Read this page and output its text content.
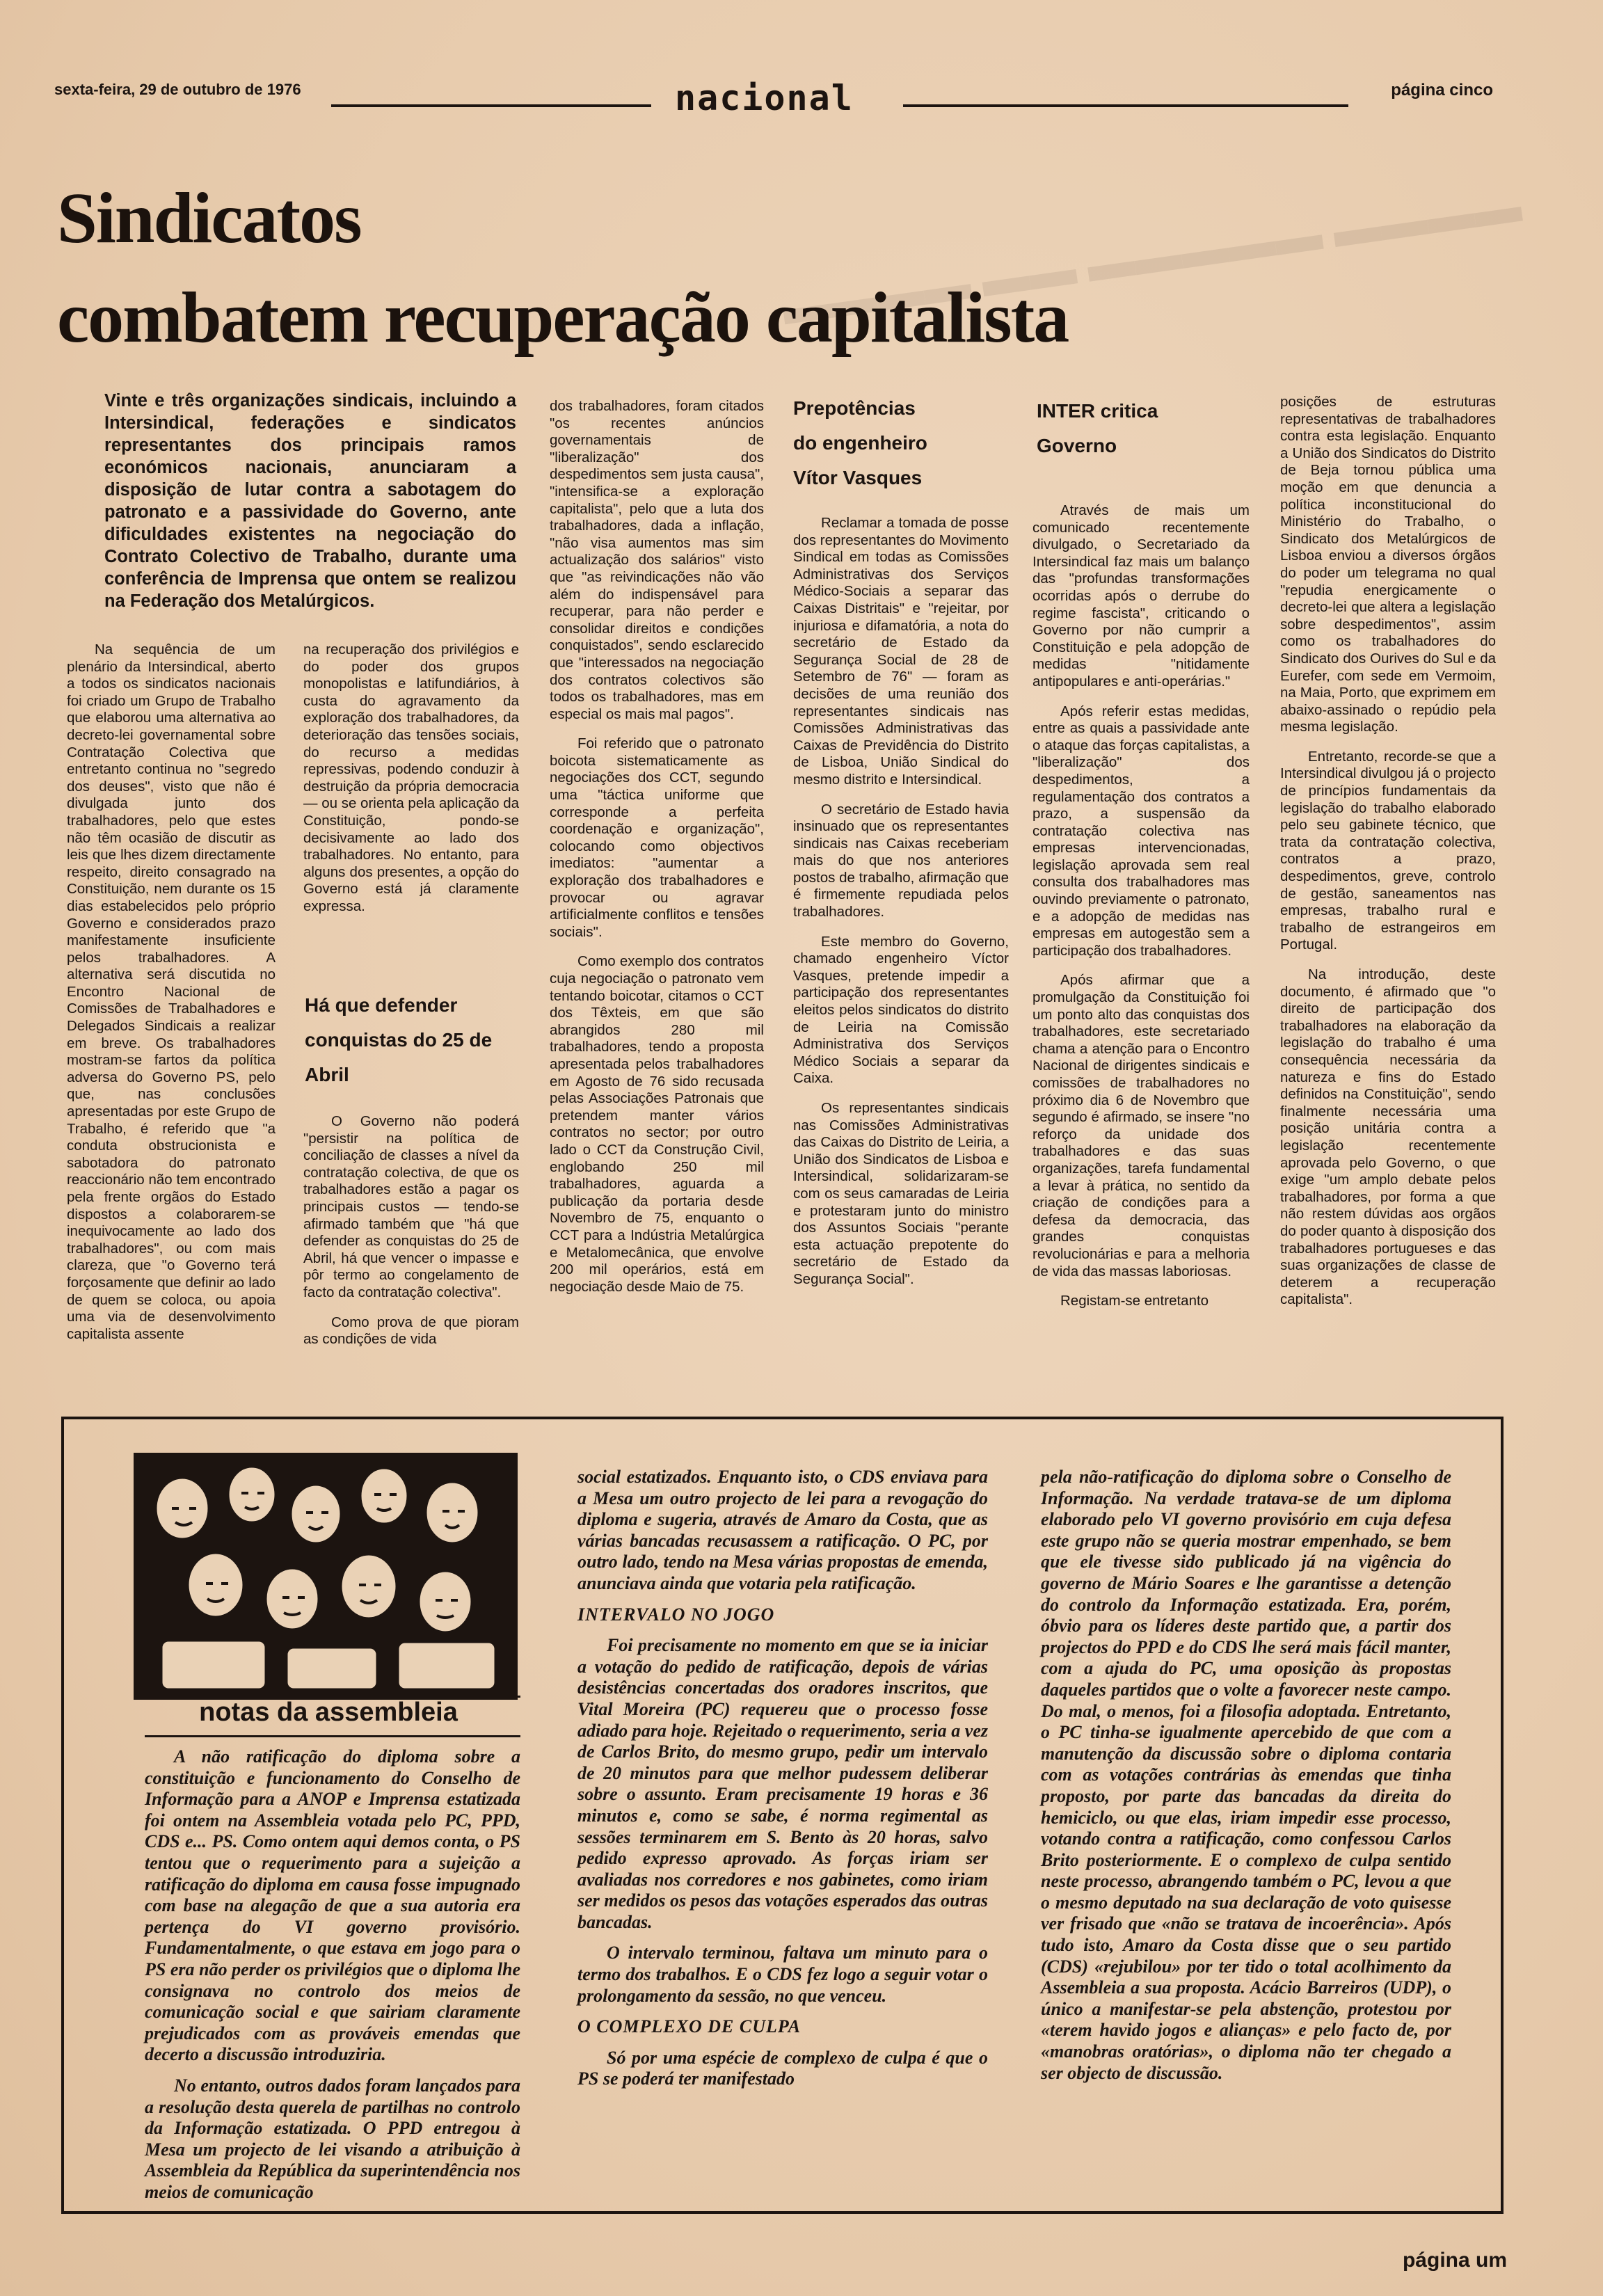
sexta-feira, 29 de outubro de 1976	nacional	página cinco
▬▬▬▬ ▬▬ ▬▬▬▬▬ ▬▬▬▬
Sindicatos
combatem recuperação capitalista
Vinte e três organizações sindicais, incluindo a Intersindical, federações e sindicatos representantes dos principais ramos económicos nacionais, anunciaram a disposição de lutar contra a sabotagem do patronato e a passividade do Governo, ante dificuldades existentes na negociação do Contrato Colectivo de Trabalho, durante uma conferência de Imprensa que ontem se realizou na Federação dos Metalúrgicos.

Na sequência de um plenário da Intersindical, aberto a todos os sindicatos nacionais foi criado um Grupo de Trabalho que elaborou uma alternativa ao decreto-lei governamental sobre Contratação Colectiva que entretanto continua no "segredo dos deuses", visto que não é divulgada junto dos trabalhadores, pelo que estes não têm ocasião de discutir as leis que lhes dizem directamente respeito, direito consagrado na Constituição, nem durante os 15 dias estabelecidos pelo próprio Governo e considerados prazo manifestamente insuficiente pelos trabalhadores. A alternativa será discutida no Encontro Nacional de Comissões de Trabalhadores e Delegados Sindicais a realizar em breve. Os trabalhadores mostram-se fartos da política adversa do Governo PS, pelo que, nas conclusões apresentadas por este Grupo de Trabalho, é referido que "a conduta obstrucionista e sabotadora do patronato reaccionário não tem encontrado pela frente orgãos do Estado dispostos a colaborarem-se inequivocamente ao lado dos trabalhadores", ou com mais clareza, que "o Governo terá forçosamente que definir ao lado de quem se coloca, ou apoia uma via de desenvolvimento capitalista assente

na recuperação dos privilégios e do poder dos grupos monopolistas e latifundiários, à custa do agravamento da exploração dos trabalhadores, da deterioração das tensões sociais, do recurso a medidas repressivas, podendo conduzir à destruição da própria democracia — ou se orienta pela aplicação da Constituição, pondo-se decisivamente ao lado dos trabalhadores. No entanto, para alguns dos presentes, a opção do Governo está já claramente expressa.

Há que defender conquistas do 25 de Abril

O Governo não poderá "persistir na política de conciliação de classes a nível da contratação colectiva, de que os trabalhadores estão a pagar os principais custos — tendo-se afirmado também que "há que defender as conquistas do 25 de Abril, há que vencer o impasse e pôr termo ao congelamento de facto da contratação colectiva".

Como prova de que pioram as condições de vida

dos trabalhadores, foram citados "os recentes anúncios governamentais de "liberalização" dos despedimentos sem justa causa", "intensifica-se a exploração capitalista", pelo que a luta dos trabalhadores, dada a inflação, "não visa aumentos mas sim actualização dos salários" visto que "as reivindicações não vão além do indispensável para recuperar, para não perder e consolidar direitos e condições conquistados", sendo esclarecido que "interessados na negociação dos contratos colectivos são todos os trabalhadores, mas em especial os mais mal pagos".

Foi referido que o patronato boicota sistematicamente as negociações dos CCT, segundo uma "táctica uniforme que corresponde a perfeita coordenação e organização", colocando como objectivos imediatos: "aumentar a exploração dos trabalhadores e provocar ou agravar artificialmente conflitos e tensões sociais".

Como exemplo dos contratos cuja negociação o patronato vem tentando boicotar, citamos o CCT dos Têxteis, em que são abrangidos 280 mil trabalhadores, tendo a proposta apresentada pelos trabalhadores em Agosto de 76 sido recusada pelas Associações Patronais que pretendem manter vários contratos no sector; por outro lado o CCT da Construção Civil, englobando 250 mil trabalhadores, aguarda a publicação da portaria desde Novembro de 75, enquanto o CCT para a Indústria Metalúrgica e Metalomecânica, que envolve 200 mil operários, está em negociação desde Maio de 75.

Prepotências
do engenheiro
Vítor Vasques

Reclamar a tomada de posse dos representantes do Movimento Sindical em todas as Comissões Administrativas dos Serviços Médico-Sociais a separar das Caixas Distritais" e "rejeitar, por injuriosa e difamatória, a nota do secretário de Estado da Segurança Social de 28 de Setembro de 76" — foram as decisões de uma reunião dos representantes sindicais nas Comissões Administrativas das Caixas de Previdência do Distrito de Lisboa, União Sindical do mesmo distrito e Intersindical.

O secretário de Estado havia insinuado que os representantes sindicais nas Caixas receberiam mais do que nos anteriores postos de trabalho, afirmação que é firmemente repudiada pelos trabalhadores.

Este membro do Governo, chamado engenheiro Víctor Vasques, pretende impedir a participação dos representantes eleitos pelos sindicatos do distrito de Leiria na Comissão Administrativa dos Serviços Médico Sociais a separar da Caixa.

Os representantes sindicais nas Comissões Administrativas das Caixas do Distrito de Leiria, a União dos Sindicatos de Lisboa e Intersindical, solidarizaram-se com os seus camaradas de Leiria e protestaram junto do ministro dos Assuntos Sociais "perante esta actuação prepotente do secretário de Estado da Segurança Social".

INTER critica
Governo

Através de mais um comunicado recentemente divulgado, o Secretariado da Intersindical faz mais um balanço das "profundas transformações ocorridas após o derrube do regime fascista", criticando o Governo por não cumprir a Constituição e pela adopção de medidas "nitidamente antipopulares e anti-operárias."

Após referir estas medidas, entre as quais a passividade ante o ataque das forças capitalistas, a "liberalização" dos despedimentos, a regulamentação dos contratos a prazo, a suspensão da contratação colectiva nas empresas intervencionadas, legislação aprovada sem real consulta dos trabalhadores mas ouvindo previamente o patronato, e a adopção de medidas nas empresas em autogestão sem a participação dos trabalhadores.

Após afirmar que a promulgação da Constituição foi um ponto alto das conquistas dos trabalhadores, este secretariado chama a atenção para o Encontro Nacional de dirigentes sindicais e comissões de trabalhadores no próximo dia 6 de Novembro que segundo é afirmado, se insere "no reforço da unidade dos trabalhadores e das suas organizações, tarefa fundamental a levar à prática, no sentido da criação de condições para a defesa da democracia, das grandes conquistas revolucionárias e para a melhoria de vida das massas laboriosas.

Registam-se entretanto

posições de estruturas representativas de trabalhadores contra esta legislação. Enquanto a União dos Sindicatos do Distrito de Beja tornou pública uma moção em que denuncia a política inconstitucional do Ministério do Trabalho, o Sindicato dos Metalúrgicos de Lisboa enviou a diversos órgãos do poder um telegrama no qual "repudia energicamente o decreto-lei que altera a legislação sobre despedimentos", assim como os trabalhadores do Sindicato dos Ourives do Sul e da Eurefer, com sede em Vermoim, na Maia, Porto, que exprimem em abaixo-assinado o repúdio pela mesma legislação.

Entretanto, recorde-se que a Intersindical divulgou já o projecto de princípios fundamentais da legislação do trabalho elaborado pelo seu gabinete técnico, que trata da contratação colectiva, contratos a prazo, despedimentos, greve, controlo de gestão, saneamentos nas empresas, trabalho rural e trabalho de estrangeiros em Portugal.

Na introdução, deste documento, é afirmado que "o direito de participação dos trabalhadores na elaboração da legislação do trabalho é uma consequência necessária da natureza e fins do Estado definidos na Constituição", sendo finalmente necessária uma posição unitária contra a legislação recentemente aprovada pelo Governo, o que exige "um amplo debate pelos trabalhadores, por forma a que não restem dúvidas aos orgãos do poder quanto à disposição dos trabalhadores portugueses e das suas organizações de classe de deterem a recuperação capitalista".

notas da assembleia

A não ratificação do diploma sobre a constituição e funcionamento do Conselho de Informação para a ANOP e Imprensa estatizada foi ontem na Assembleia votada pelo PC, PPD, CDS e... PS. Como ontem aqui demos conta, o PS tentou que o requerimento para a sujeição a ratificação do diploma em causa fosse impugnado com base na alegação de que a sua autoria era pertença do VI governo provisório. Fundamentalmente, o que estava em jogo para o PS era não perder os privilégios que o diploma lhe consignava no controlo dos meios de comunicação social e que sairiam claramente prejudicados com as prováveis emendas que decerto a discussão introduziria.

No entanto, outros dados foram lançados para a resolução desta querela de partilhas no controlo da Informação estatizada. O PPD entregou à Mesa um projecto de lei visando a atribuição à Assembleia da República da superintendência nos meios de comunicação

social estatizados. Enquanto isto, o CDS enviava para a Mesa um outro projecto de lei para a revogação do diploma e sugeria, através de Amaro da Costa, que as várias bancadas recusassem a ratificação. O PC, por outro lado, tendo na Mesa várias propostas de emenda, anunciava ainda que votaria pela ratificação.

INTERVALO NO JOGO

Foi precisamente no momento em que se ia iniciar a votação do pedido de ratificação, depois de várias desistências concertadas dos oradores inscritos, que Vital Moreira (PC) requereu que o processo fosse adiado para hoje. Rejeitado o requerimento, seria a vez de Carlos Brito, do mesmo grupo, pedir um intervalo de 20 minutos para que melhor pudessem deliberar sobre o assunto. Eram precisamente 19 horas e 36 minutos e, como se sabe, é norma regimental as sessões terminarem em S. Bento às 20 horas, salvo pedido expresso aprovado. As forças iriam ser avaliadas nos corredores e nos gabinetes, como iriam ser medidos os pesos das votações esperados das outras bancadas.

O intervalo terminou, faltava um minuto para o termo dos trabalhos. E o CDS fez logo a seguir votar o prolongamento da sessão, no que venceu.

O COMPLEXO DE CULPA

Só por uma espécie de complexo de culpa é que o PS se poderá ter manifestado

pela não-ratificação do diploma sobre o Conselho de Informação. Na verdade tratava-se de um diploma elaborado pelo VI governo provisório em cuja defesa este grupo não se queria mostrar empenhado, se bem que ele tivesse sido publicado já na vigência do governo de Mário Soares e lhe garantisse a detenção do controlo da Informação estatizada. Era, porém, óbvio para os líderes deste partido que, a partir dos projectos do PPD e do CDS lhe será mais fácil manter, com a ajuda do PC, uma oposição às propostas daqueles partidos que o volte a favorecer neste campo. Do mal, o menos, foi a filosofia adoptada. Entretanto, o PC tinha-se igualmente apercebido de que com a manutenção da discussão sobre o diploma contaria com as votações contrárias às emendas que tinha proposto, por parte das bancadas da direita do hemiciclo, ou que elas, iriam impedir esse processo, votando contra a ratificação, como confessou Carlos Brito posteriormente. E o complexo de culpa sentido neste processo, abrangendo também o PC, levou a que o mesmo deputado na sua declaração de voto quisesse ver frisado que «não se tratava de incoerência». Após tudo isto, Amaro da Costa disse que o seu partido (CDS) «rejubilou» por ter tido o total acolhimento da Assembleia a sua proposta. Acácio Barreiros (UDP), o único a manifestar-se pela abstenção, protestou por «terem havido jogos e alianças» e pelo facto de, por «manobras oratórias», o diploma não ter chegado a ser objecto de discussão.

página um
